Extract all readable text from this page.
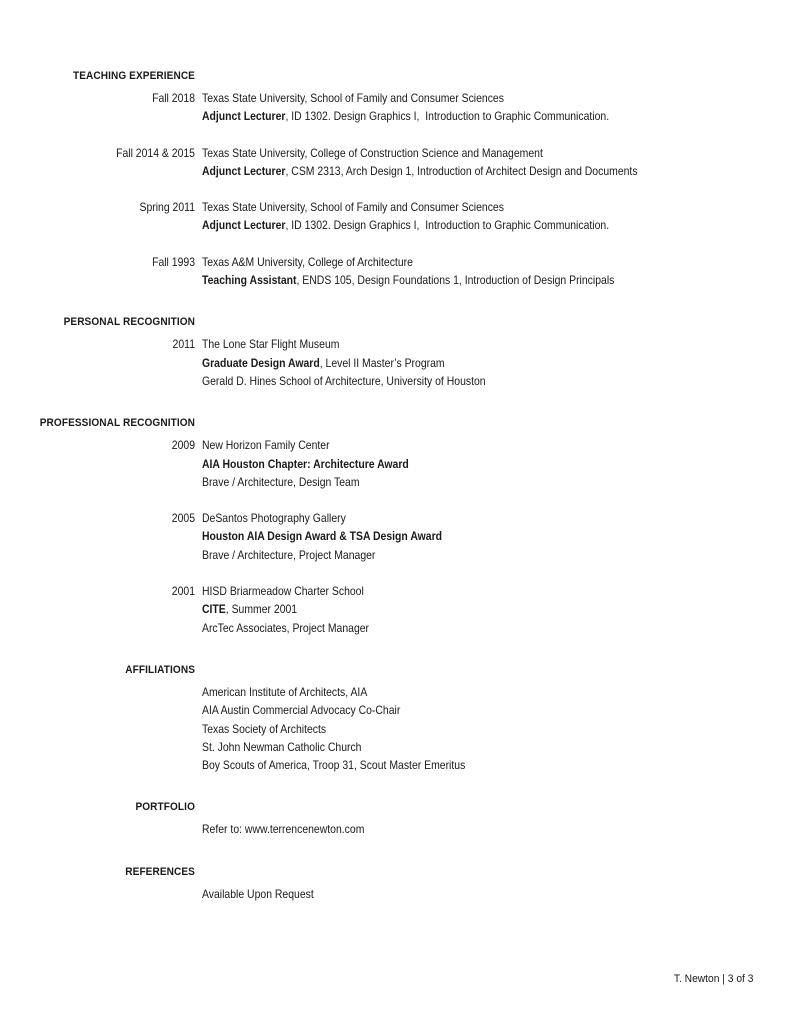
TEACHING EXPERIENCE
Fall 2018 Texas State University, School of Family and Consumer Sciences
Adjunct Lecturer, ID 1302. Design Graphics I,  Introduction to Graphic Communication.
Fall 2014 & 2015 Texas State University, College of Construction Science and Management
Adjunct Lecturer, CSM 2313, Arch Design 1, Introduction of Architect Design and Documents
Spring 2011 Texas State University, School of Family and Consumer Sciences
Adjunct Lecturer, ID 1302. Design Graphics I,  Introduction to Graphic Communication.
Fall 1993 Texas A&M University, College of Architecture
Teaching Assistant, ENDS 105, Design Foundations 1, Introduction of Design Principals
PERSONAL RECOGNITION
2011 The Lone Star Flight Museum
Graduate Design Award, Level II Master’s Program
Gerald D. Hines School of Architecture, University of Houston
PROFESSIONAL RECOGNITION
2009 New Horizon Family Center
AIA Houston Chapter: Architecture Award
Brave / Architecture, Design Team
2005 DeSantos Photography Gallery
Houston AIA Design Award & TSA Design Award
Brave / Architecture, Project Manager
2001 HISD Briarmeadow Charter School
CITE, Summer 2001
ArcTec Associates, Project Manager
AFFILIATIONS
American Institute of Architects, AIA
AIA Austin Commercial Advocacy Co-Chair
Texas Society of Architects
St. John Newman Catholic Church
Boy Scouts of America, Troop 31, Scout Master Emeritus
PORTFOLIO
Refer to: www.terrencenewton.com
REFERENCES
Available Upon Request
T. Newton | 3 of 3
